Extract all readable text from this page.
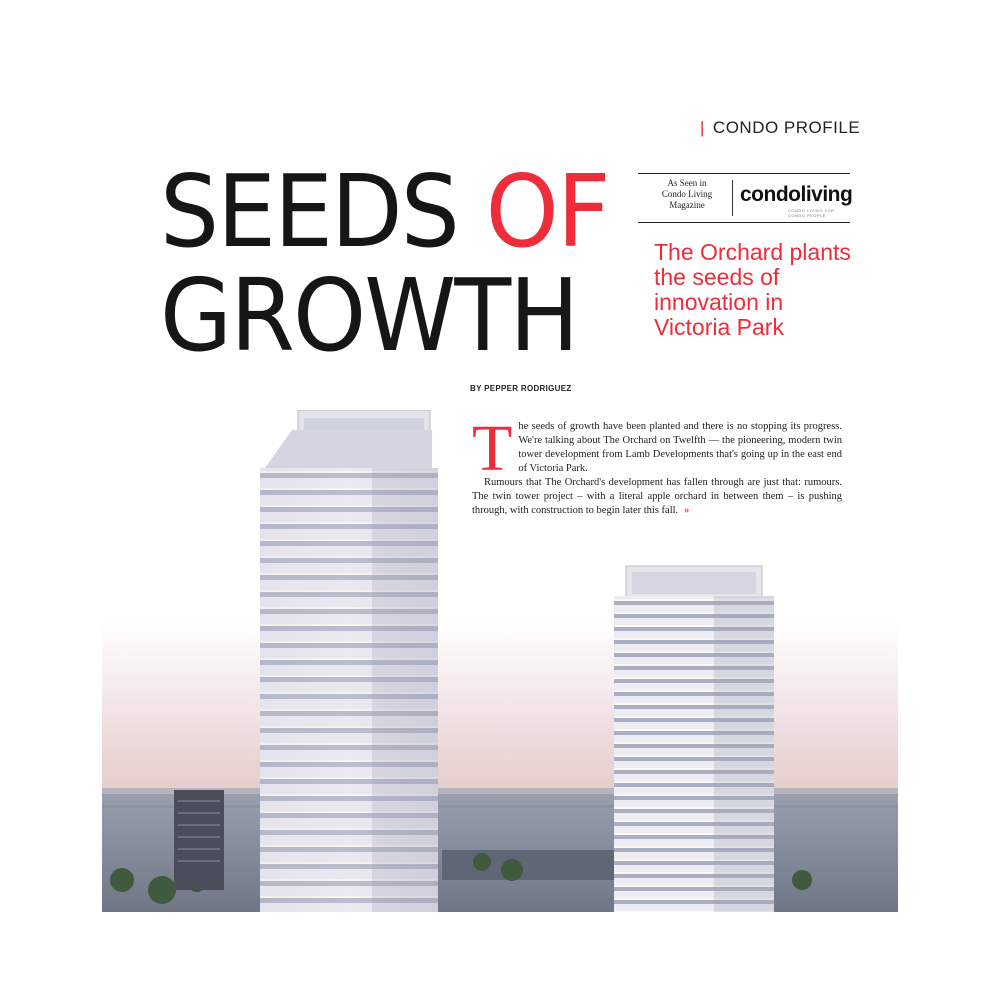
| CONDO PROFILE
SEEDS OF
GROWTH
As Seen in
Condo Living
Magazine	condoliving
CONDO LIVING FOR CONDO PEOPLE
The Orchard plants the seeds of innovation in Victoria Park
BY PEPPER RODRIGUEZ
T he seeds of growth have been planted and there is no stopping its progress. We're talking about The Orchard on Twelfth — the pioneering, modern twin tower development from Lamb Developments that's going up in the east end of Victoria Park.

Rumours that The Orchard's development has fallen through are just that: rumours. The twin tower project – with a literal apple orchard in between them – is pushing through, with construction to begin later this fall. »
